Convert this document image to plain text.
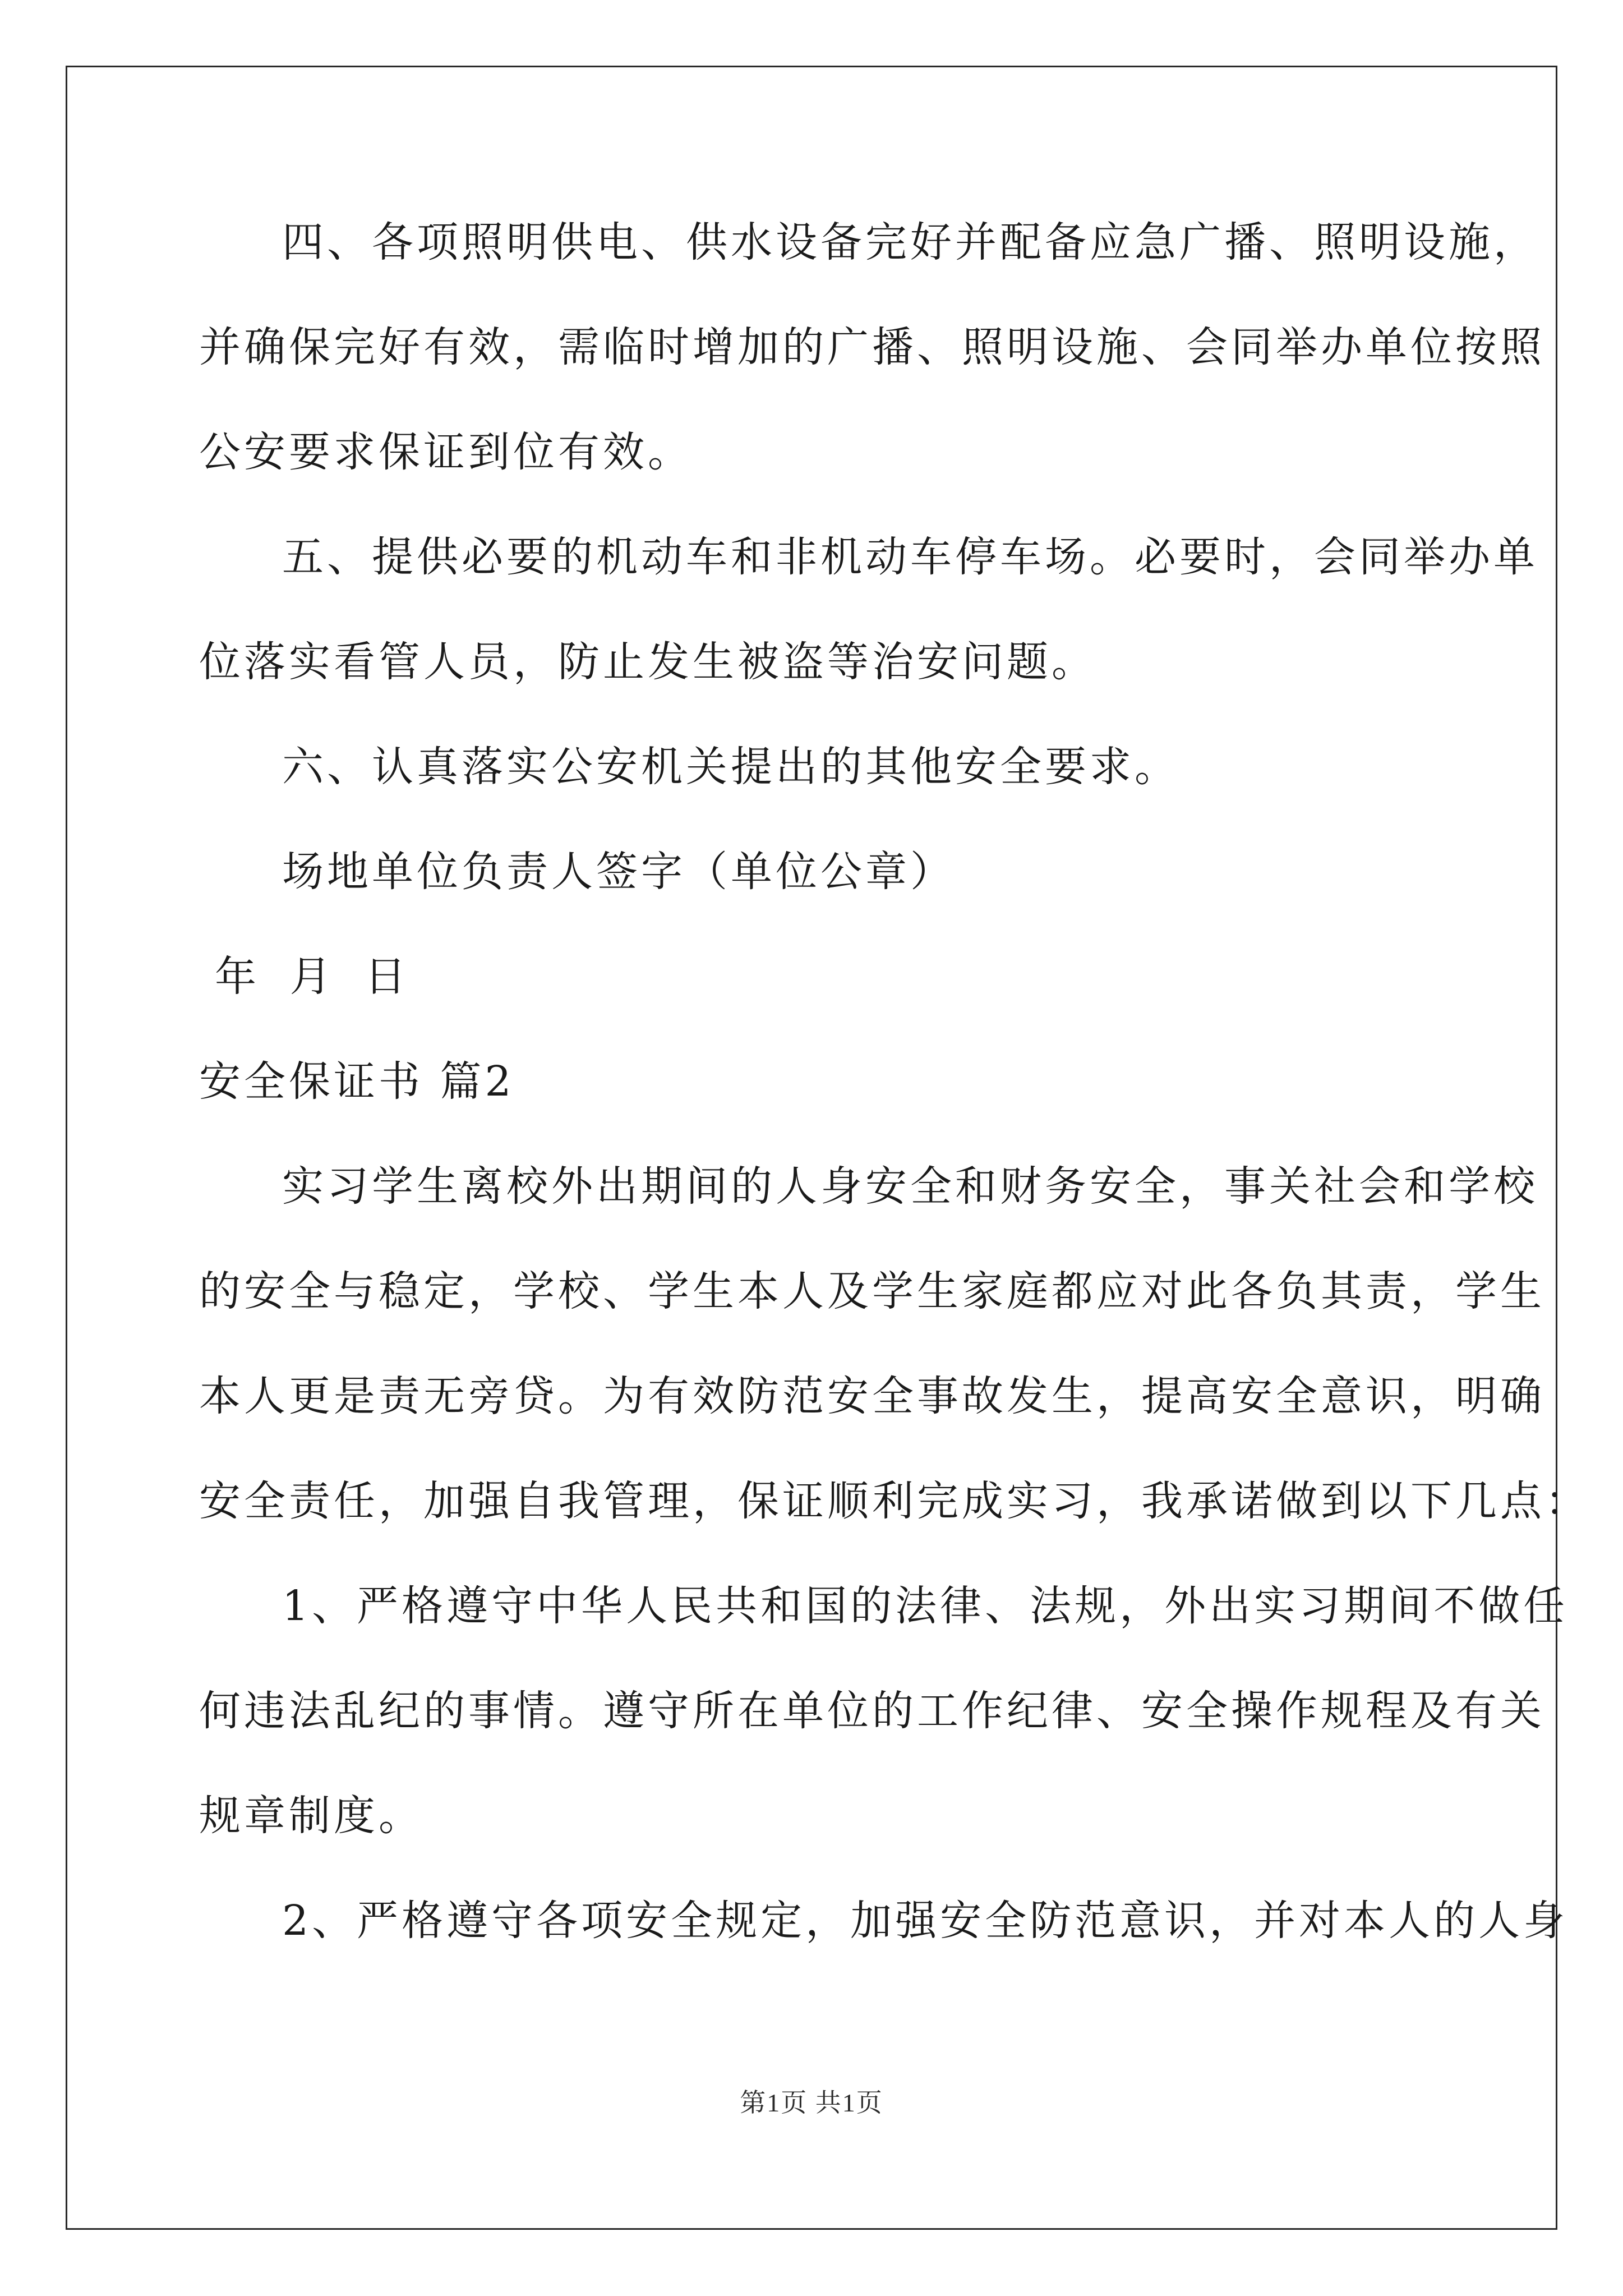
四、各项照明供电、供水设备完好并配备应急广播、照明设施，
并确保完好有效，需临时增加的广播、照明设施、会同举办单位按照
公安要求保证到位有效。
五、提供必要的机动车和非机动车停车场。必要时，会同举办单
位落实看管人员，防止发生被盗等治安问题。
六、认真落实公安机关提出的其他安全要求。
场地单位负责人签字（单位公章）
年 月 日
安全保证书 篇2
实习学生离校外出期间的人身安全和财务安全，事关社会和学校
的安全与稳定，学校、学生本人及学生家庭都应对此各负其责，学生
本人更是责无旁贷。为有效防范安全事故发生，提高安全意识，明确
安全责任，加强自我管理，保证顺利完成实习，我承诺做到以下几点：
1、严格遵守中华人民共和国的法律、法规，外出实习期间不做任
何违法乱纪的事情。遵守所在单位的工作纪律、安全操作规程及有关
规章制度。
2、严格遵守各项安全规定，加强安全防范意识，并对本人的人身
第1页 共1页
